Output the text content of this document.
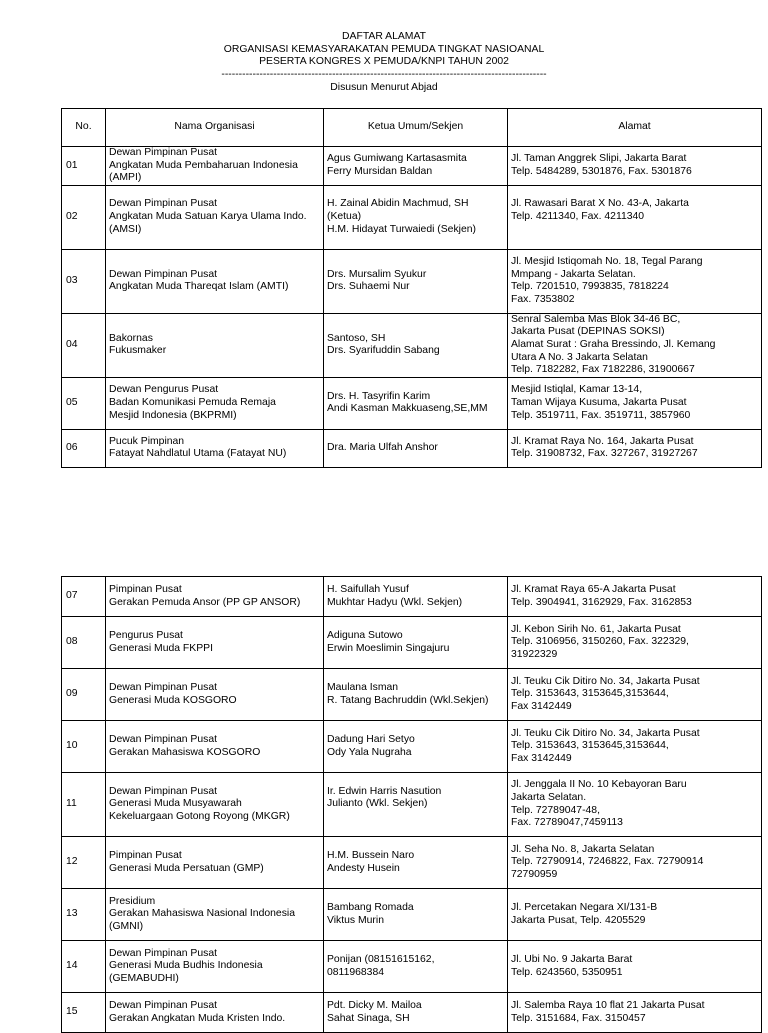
DAFTAR ALAMAT
ORGANISASI KEMASYARAKATAN PEMUDA TINGKAT NASIOANAL
PESERTA KONGRES X PEMUDA/KNPI TAHUN 2002
----------------------------------------------------------------------------------------------
Disusun Menurut Abjad
No.	Nama Organisasi	Ketua Umum/Sekjen	Alamat
01	Dewan Pimpinan Pusat
Angkatan Muda Pembaharuan Indonesia
(AMPI)	Agus Gumiwang Kartasasmita
Ferry Mursidan Baldan	Jl. Taman Anggrek Slipi, Jakarta Barat
Telp. 5484289, 5301876, Fax. 5301876
02	Dewan Pimpinan Pusat
Angkatan Muda Satuan Karya Ulama Indo.
(AMSI)	H. Zainal Abidin Machmud, SH
(Ketua)
H.M. Hidayat Turwaiedi (Sekjen)	Jl. Rawasari Barat X No. 43-A, Jakarta
Telp. 4211340, Fax. 4211340

03	Dewan Pimpinan Pusat
Angkatan Muda Thareqat Islam (AMTI)	Drs. Mursalim Syukur
Drs. Suhaemi Nur	Jl. Mesjid Istiqomah No. 18, Tegal Parang
Mmpang - Jakarta Selatan.
Telp. 7201510, 7993835, 7818224
Fax. 7353802
04	Bakornas
Fukusmaker	Santoso, SH
Drs. Syarifuddin Sabang	Senral Salemba Mas Blok 34-46 BC,
Jakarta Pusat (DEPINAS SOKSI)
Alamat Surat : Graha Bressindo, Jl. Kemang
Utara A No. 3 Jakarta Selatan
Telp. 7182282, Fax 7182286, 31900667
05	Dewan Pengurus Pusat
Badan Komunikasi Pemuda Remaja
Mesjid Indonesia (BKPRMI)	Drs. H. Tasyrifin Karim
Andi Kasman Makkuaseng,SE,MM	Mesjid Istiqlal, Kamar 13-14,
Taman Wijaya Kusuma, Jakarta Pusat
Telp. 3519711, Fax. 3519711, 3857960
06	Pucuk Pimpinan
Fatayat Nahdlatul Utama (Fatayat NU)	Dra. Maria Ulfah Anshor	Jl. Kramat Raya No. 164, Jakarta Pusat
Telp. 31908732, Fax. 327267, 31927267
07	Pimpinan Pusat
Gerakan Pemuda Ansor (PP GP ANSOR)	H. Saifullah Yusuf
Mukhtar Hadyu (Wkl. Sekjen)	Jl. Kramat Raya 65-A Jakarta Pusat
Telp. 3904941, 3162929, Fax. 3162853
08	Pengurus Pusat
Generasi Muda FKPPI	Adiguna Sutowo
Erwin Moeslimin Singajuru	Jl. Kebon Sirih No. 61, Jakarta Pusat
Telp. 3106956, 3150260, Fax. 322329,
31922329
09	Dewan Pimpinan Pusat
Generasi Muda KOSGORO	Maulana Isman
R. Tatang Bachruddin (Wkl.Sekjen)	Jl. Teuku Cik Ditiro No. 34, Jakarta Pusat
Telp. 3153643, 3153645,3153644,
Fax 3142449
10	Dewan Pimpinan Pusat
Gerakan Mahasiswa KOSGORO	Dadung Hari Setyo
Ody Yala Nugraha	Jl. Teuku Cik Ditiro No. 34, Jakarta Pusat
Telp. 3153643, 3153645,3153644,
Fax 3142449
11	Dewan Pimpinan Pusat
Generasi Muda Musyawarah
Kekeluargaan Gotong Royong (MKGR)	Ir. Edwin Harris Nasution
Julianto (Wkl. Sekjen)	Jl. Jenggala II No. 10 Kebayoran Baru
Jakarta Selatan.
Telp. 72789047-48,
Fax. 72789047,7459113
12	Pimpinan Pusat
Generasi Muda Persatuan (GMP)	H.M. Bussein Naro
Andesty Husein	Jl. Seha No. 8, Jakarta Selatan
Telp. 72790914, 7246822, Fax. 72790914
72790959
13	Presidium
Gerakan Mahasiswa Nasional Indonesia
(GMNI)	Bambang Romada
Viktus Murin	Jl. Percetakan Negara XI/131-B
Jakarta Pusat, Telp. 4205529

14	Dewan Pimpinan Pusat
Generasi Muda Budhis Indonesia
(GEMABUDHI)	Ponijan (08151615162,
0811968384	Jl. Ubi No. 9 Jakarta Barat
Telp. 6243560, 5350951

15	Dewan Pimpinan Pusat
Gerakan Angkatan Muda Kristen Indo.	Pdt. Dicky M. Mailoa
Sahat Sinaga, SH	Jl. Salemba Raya 10 flat 21 Jakarta Pusat
Telp. 3151684, Fax. 3150457
